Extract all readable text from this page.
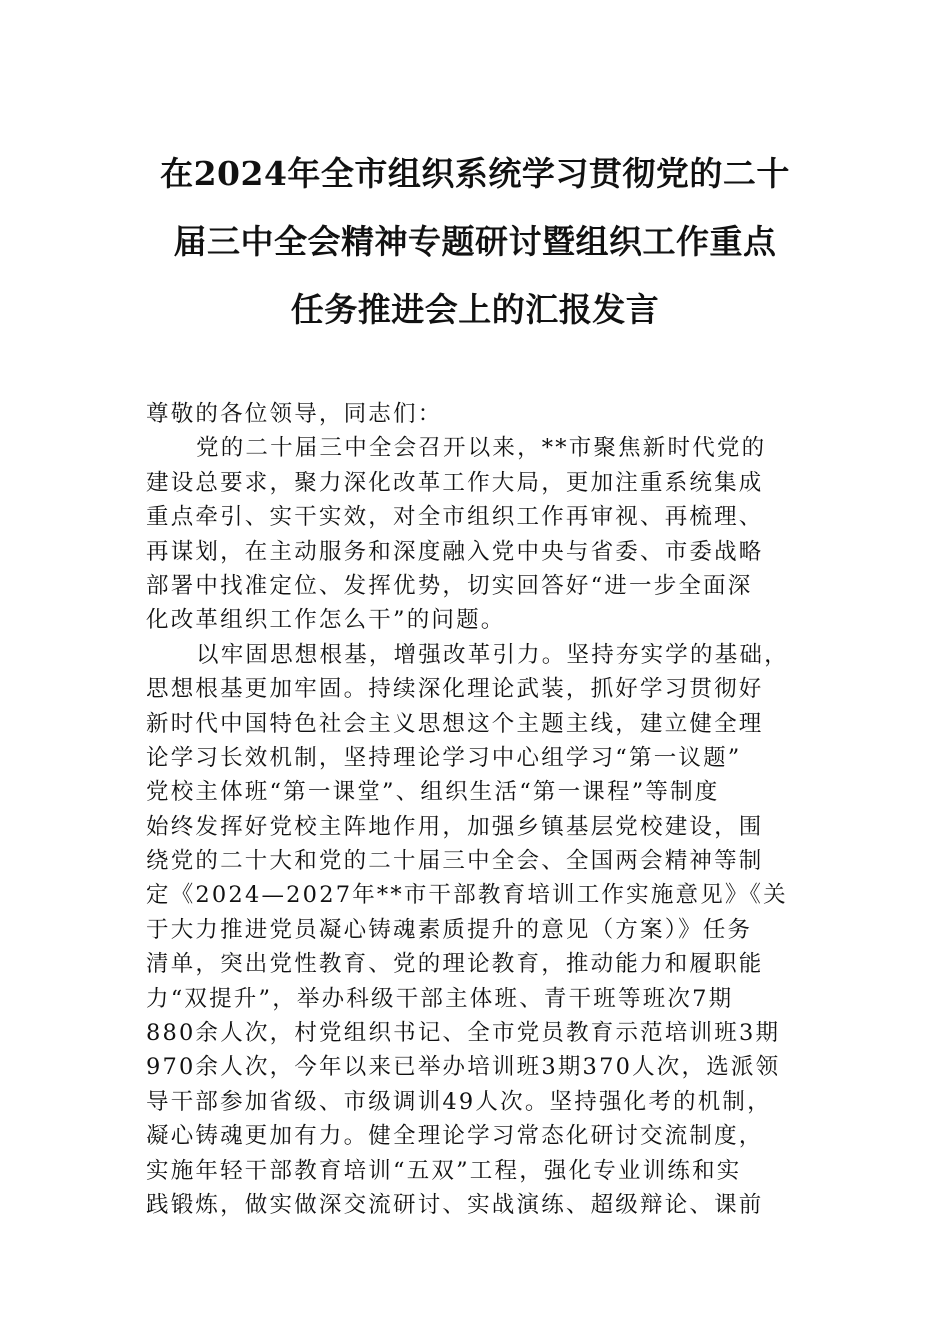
在2024年全市组织系统学习贯彻党的二十
届三中全会精神专题研讨暨组织工作重点
任务推进会上的汇报发言
尊敬的各位领导，同志们：
党的二十届三中全会召开以来，**市聚焦新时代党的
建设总要求，聚力深化改革工作大局，更加注重系统集成
重点牵引、实干实效，对全市组织工作再审视、再梳理、
再谋划，在主动服务和深度融入党中央与省委、市委战略
部署中找准定位、发挥优势，切实回答好“进一步全面深
化改革组织工作怎么干”的问题。
以牢固思想根基，增强改革引力。坚持夯实学的基础，
思想根基更加牢固。持续深化理论武装，抓好学习贯彻好
新时代中国特色社会主义思想这个主题主线，建立健全理
论学习长效机制，坚持理论学习中心组学习“第一议题”
党校主体班“第一课堂”、组织生活“第一课程”等制度
始终发挥好党校主阵地作用，加强乡镇基层党校建设，围
绕党的二十大和党的二十届三中全会、全国两会精神等制
定《2024—2027年**市干部教育培训工作实施意见》《关
于大力推进党员凝心铸魂素质提升的意见（方案）》任务
清单，突出党性教育、党的理论教育，推动能力和履职能
力“双提升”，举办科级干部主体班、青干班等班次7期
880余人次，村党组织书记、全市党员教育示范培训班3期
970余人次，今年以来已举办培训班3期370人次，选派领
导干部参加省级、市级调训49人次。坚持强化考的机制，
凝心铸魂更加有力。健全理论学习常态化研讨交流制度，
实施年轻干部教育培训“五双”工程，强化专业训练和实
践锻炼，做实做深交流研讨、实战演练、超级辩论、课前
